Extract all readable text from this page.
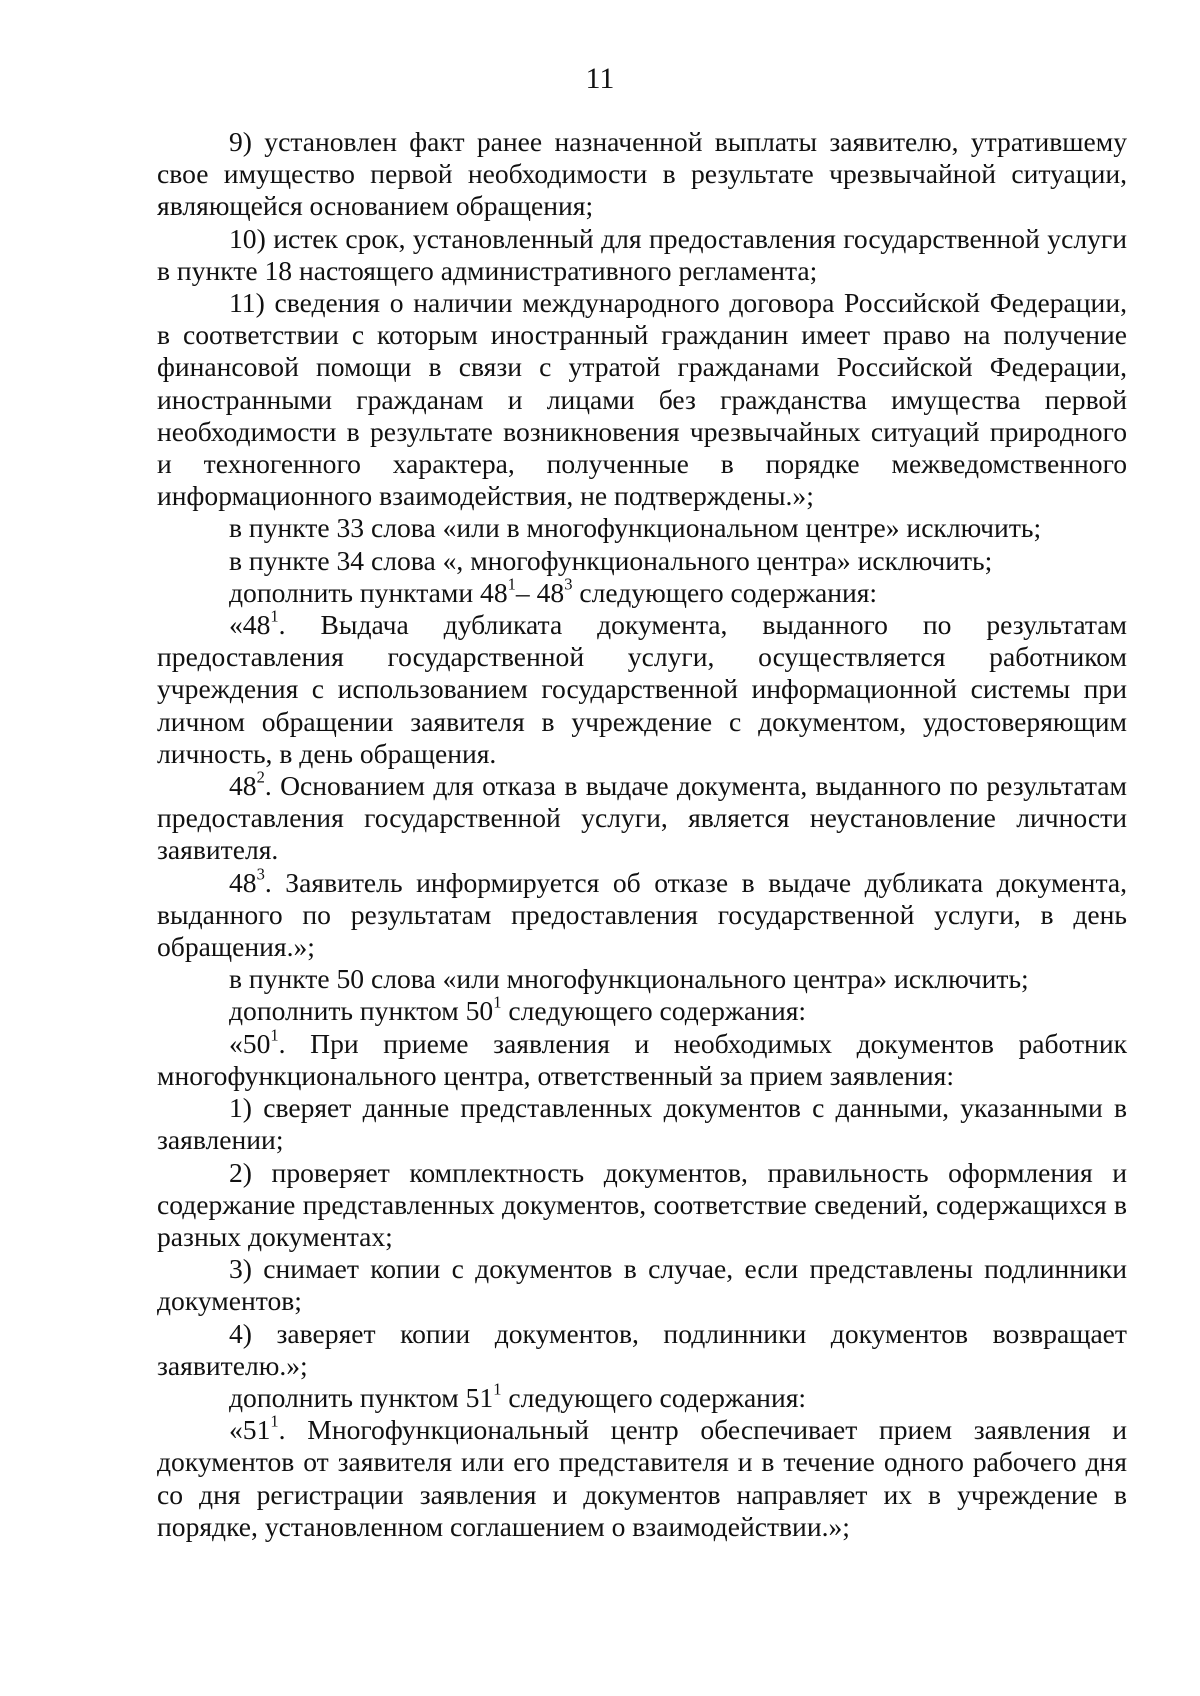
11

9) установлен факт ранее назначенной выплаты заявителю, утратившему свое имущество первой необходимости в результате чрезвычайной ситуации, являющейся основанием обращения;

10) истек срок, установленный для предоставления государственной услуги в пункте 18 настоящего административного регламента;

11) сведения о наличии международного договора Российской Федерации, в соответствии с которым иностранный гражданин имеет право на получение финансовой помощи в связи с утратой гражданами Российской Федерации, иностранными гражданам и лицами без гражданства имущества первой необходимости в результате возникновения чрезвычайных ситуаций природного и техногенного характера, полученные в порядке межведомственного информационного взаимодействия, не подтверждены.»;

в пункте 33 слова «или в многофункциональном центре» исключить;

в пункте 34 слова «, многофункционального центра» исключить;

дополнить пунктами $48^1-$ $48^3$ следующего содержания:

«$48^1$. Выдача дубликата документа, выданного по результатам предоставления государственной услуги, осуществляется работником учреждения с использованием государственной информационной системы при личном обращении заявителя в учреждение с документом, удостоверяющим личность, в день обращения.

$48^2$. Основанием для отказа в выдаче документа, выданного по результатам предоставления государственной услуги, является неустановление личности заявителя.

$48^3$. Заявитель информируется об отказе в выдаче дубликата документа, выданного по результатам предоставления государственной услуги, в день обращения.»;

в пункте 50 слова «или многофункционального центра» исключить;

дополнить пунктом $50^1$ следующего содержания:

«$50^1$. При приеме заявления и необходимых документов работник многофункционального центра, ответственный за прием заявления:

1) сверяет данные представленных документов с данными, указанными в заявлении;

2) проверяет комплектность документов, правильность оформления и содержание представленных документов, соответствие сведений, содержащихся в разных документах;

3) снимает копии с документов в случае, если представлены подлинники документов;

4) заверяет копии документов, подлинники документов возвращает заявителю.»;

дополнить пунктом $51^1$ следующего содержания:

«$51^1$. Многофункциональный центр обеспечивает прием заявления и документов от заявителя или его представителя и в течение одного рабочего дня со дня регистрации заявления и документов направляет их в учреждение в порядке, установленном соглашением о взаимодействии.»;
